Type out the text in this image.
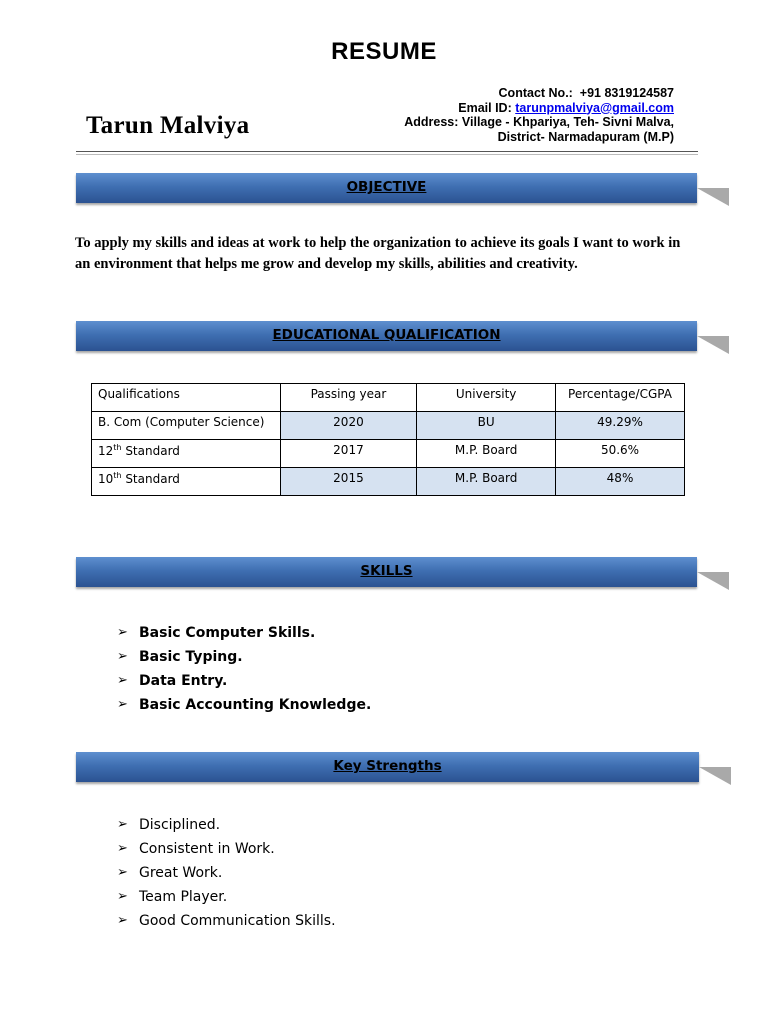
RESUME
Tarun Malviya
Contact No.: +91 8319124587
Email ID: tarunpmalviya@gmail.com
Address: Village - Khpariya, Teh- Sivni Malva,
District- Narmadapuram (M.P)
OBJECTIVE
To apply my skills and ideas at work to help the organization to achieve its goals I want to work in an environment that helps me grow and develop my skills, abilities and creativity.
EDUCATIONAL QUALIFICATION
Qualifications	Passing year	University	Percentage/CGPA
B. Com (Computer Science)	2020	BU	49.29%
12th Standard	2017	M.P. Board	50.6%
10th Standard	2015	M.P. Board	48%
SKILLS
➢ Basic Computer Skills.
➢ Basic Typing.
➢ Data Entry.
➢ Basic Accounting Knowledge.
Key Strengths
➢ Disciplined.
➢ Consistent in Work.
➢ Great Work.
➢ Team Player.
➢ Good Communication Skills.
